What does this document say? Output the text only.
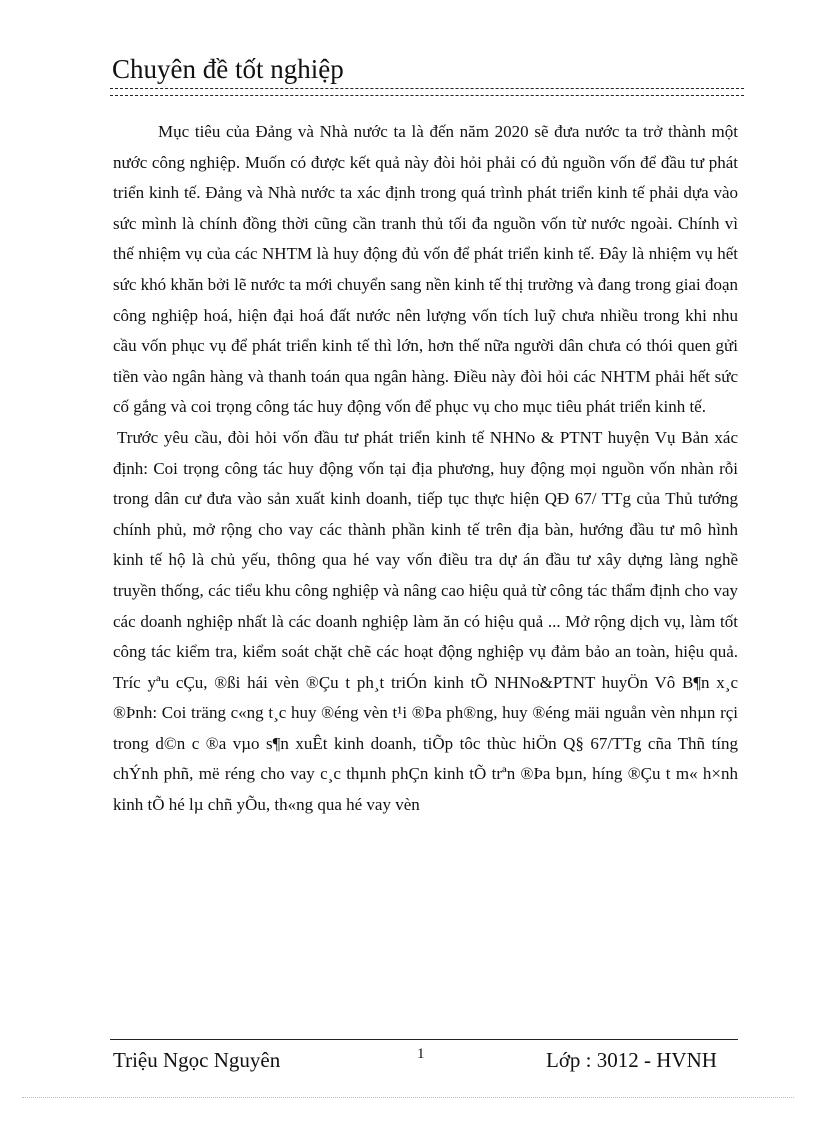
Chuyên đề tốt nghiệp

Mục tiêu của Đảng và Nhà nước ta là đến năm 2020 sẽ đưa nước ta trở thành một nước công nghiệp. Muốn có được kết quả này đòi hỏi phải có đủ nguồn vốn để đầu tư phát triển kinh tế. Đảng và Nhà nước ta xác định trong quá trình phát triển kinh tế phải dựa vào sức mình là chính đồng thời cũng cần tranh thủ tối đa nguồn vốn từ nước ngoài. Chính vì thế nhiệm vụ của các NHTM là huy động đủ vốn để phát triển kinh tế. Đây là nhiệm vụ hết sức khó khăn bởi lẽ nước ta mới chuyển sang nền kinh tế thị trường và đang trong giai đoạn công nghiệp hoá, hiện đại hoá đất nước nên lượng vốn tích luỹ chưa nhiều trong khi nhu cầu vốn phục vụ để phát triển kinh tế thì lớn, hơn thế nữa người dân chưa có thói quen gửi tiền vào ngân hàng và thanh toán qua ngân hàng. Điều này đòi hỏi các NHTM phải hết sức cố gắng và coi trọng công tác huy động vốn để phục vụ cho mục tiêu phát triển kinh tế.

Trước yêu cầu, đòi hỏi vốn đầu tư phát triển kinh tế NHNo & PTNT huyện Vụ Bản xác định: Coi trọng công tác huy động vốn tại địa phương, huy động mọi nguồn vốn nhàn rỗi trong dân cư đưa vào sản xuất kinh doanh, tiếp tục thực hiện QĐ 67/ TTg của Thủ tướng chính phủ, mở rộng cho vay các thành phần kinh tế trên địa bàn, hướng đầu tư mô hình kinh tế hộ là chủ yếu, thông qua hé vay vốn điều tra dự án đầu tư xây dựng làng nghề truyền thống, các tiểu khu công nghiệp và nâng cao hiệu quả từ công tác thẩm định cho vay các doanh nghiệp nhất là các doanh nghiệp làm ăn có hiệu quả ... Mở rộng dịch vụ, làm tốt công tác kiểm tra, kiểm soát chặt chẽ các hoạt động nghiệp vụ đảm bảo an toàn, hiệu quả. Tríc yªu cÇu, ®ßi hái vèn ®Çu t ph¸t triÓn kinh tÕ NHNo&PTNT huyÖn Vô B¶n x¸c ®Þnh: Coi träng c«ng t¸c huy ®éng vèn t¹i ®Þa ph®ng, huy ®éng mäi nguån vèn nhµn rçi trong d©n c ®a vµo s¶n xuÊt kinh doanh, tiÕp tôc thùc hiÖn Q§ 67/TTg cña Thñ tíng chÝnh phñ, më réng cho vay c¸c thµnh phÇn kinh tÕ trªn ®Þa bµn, híng ®Çu t m« h×nh kinh tÕ hé lµ chñ yÕu, th«ng qua hé vay vèn

Triệu Ngọc Nguyên	1	Lớp : 3012 - HVNH
